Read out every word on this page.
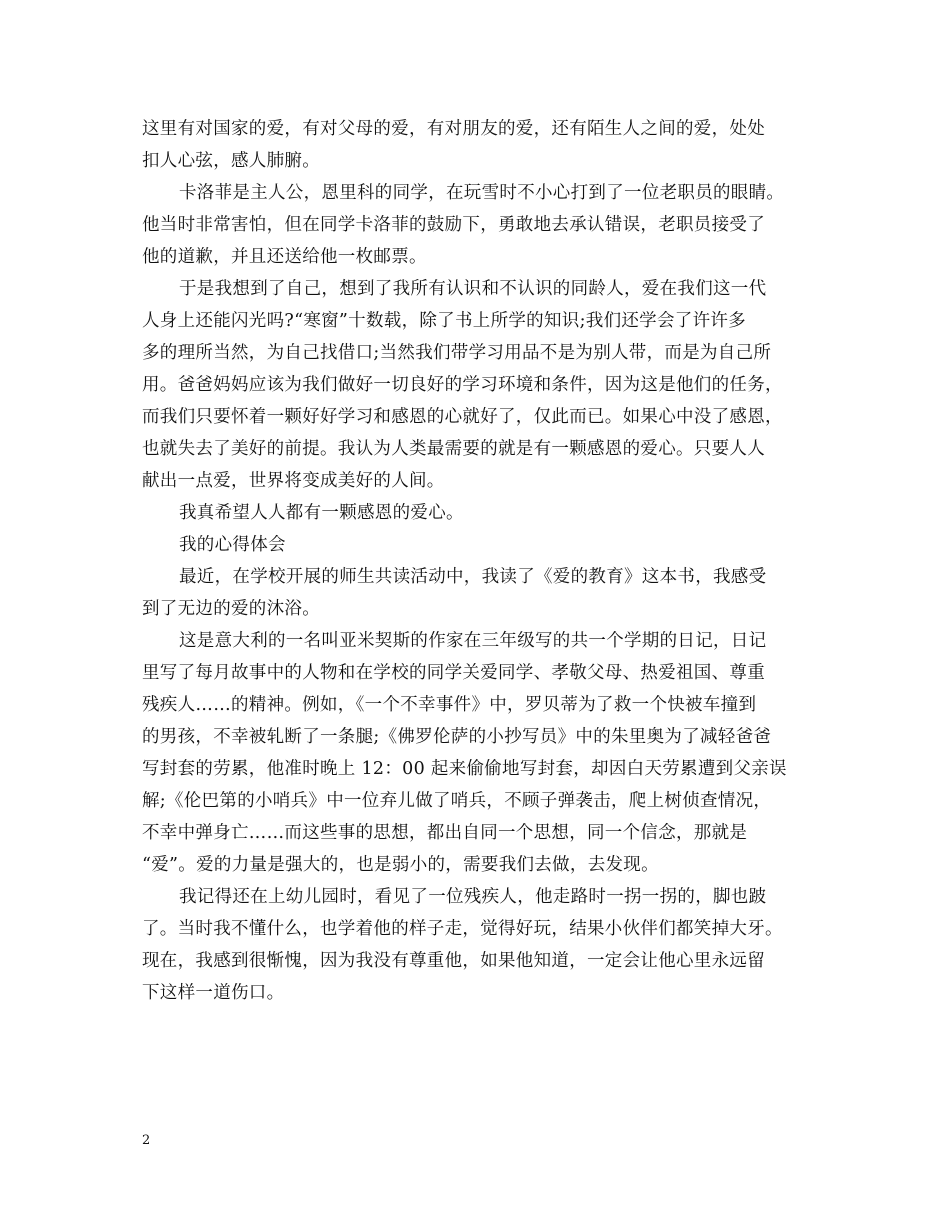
这里有对国家的爱，有对父母的爱，有对朋友的爱，还有陌生人之间的爱，处处
扣人心弦，感人肺腑。
卡洛菲是主人公，恩里科的同学，在玩雪时不小心打到了一位老职员的眼睛。
他当时非常害怕，但在同学卡洛菲的鼓励下，勇敢地去承认错误，老职员接受了
他的道歉，并且还送给他一枚邮票。
于是我想到了自己，想到了我所有认识和不认识的同龄人，爱在我们这一代
人身上还能闪光吗?“寒窗”十数载，除了书上所学的知识;我们还学会了许许多
多的理所当然，为自己找借口;当然我们带学习用品不是为别人带，而是为自己所
用。爸爸妈妈应该为我们做好一切良好的学习环境和条件，因为这是他们的任务，
而我们只要怀着一颗好好学习和感恩的心就好了，仅此而已。如果心中没了感恩，
也就失去了美好的前提。我认为人类最需要的就是有一颗感恩的爱心。只要人人
献出一点爱，世界将变成美好的人间。
我真希望人人都有一颗感恩的爱心。
我的心得体会
最近，在学校开展的师生共读活动中，我读了《爱的教育》这本书，我感受
到了无边的爱的沐浴。
这是意大利的一名叫亚米契斯的作家在三年级写的共一个学期的日记，日记
里写了每月故事中的人物和在学校的同学关爱同学、孝敬父母、热爱祖国、尊重
残疾人……的精神。例如，《一个不幸事件》中，罗贝蒂为了救一个快被车撞到
的男孩，不幸被轧断了一条腿;《佛罗伦萨的小抄写员》中的朱里奥为了减轻爸爸
写封套的劳累，他准时晚上 12：00 起来偷偷地写封套，却因白天劳累遭到父亲误
解;《伦巴第的小哨兵》中一位弃儿做了哨兵，不顾子弹袭击，爬上树侦查情况，
不幸中弹身亡……而这些事的思想，都出自同一个思想，同一个信念，那就是
“爱”。爱的力量是强大的，也是弱小的，需要我们去做，去发现。
我记得还在上幼儿园时，看见了一位残疾人，他走路时一拐一拐的，脚也跛
了。当时我不懂什么，也学着他的样子走，觉得好玩，结果小伙伴们都笑掉大牙。
现在，我感到很惭愧，因为我没有尊重他，如果他知道，一定会让他心里永远留
下这样一道伤口。
2
